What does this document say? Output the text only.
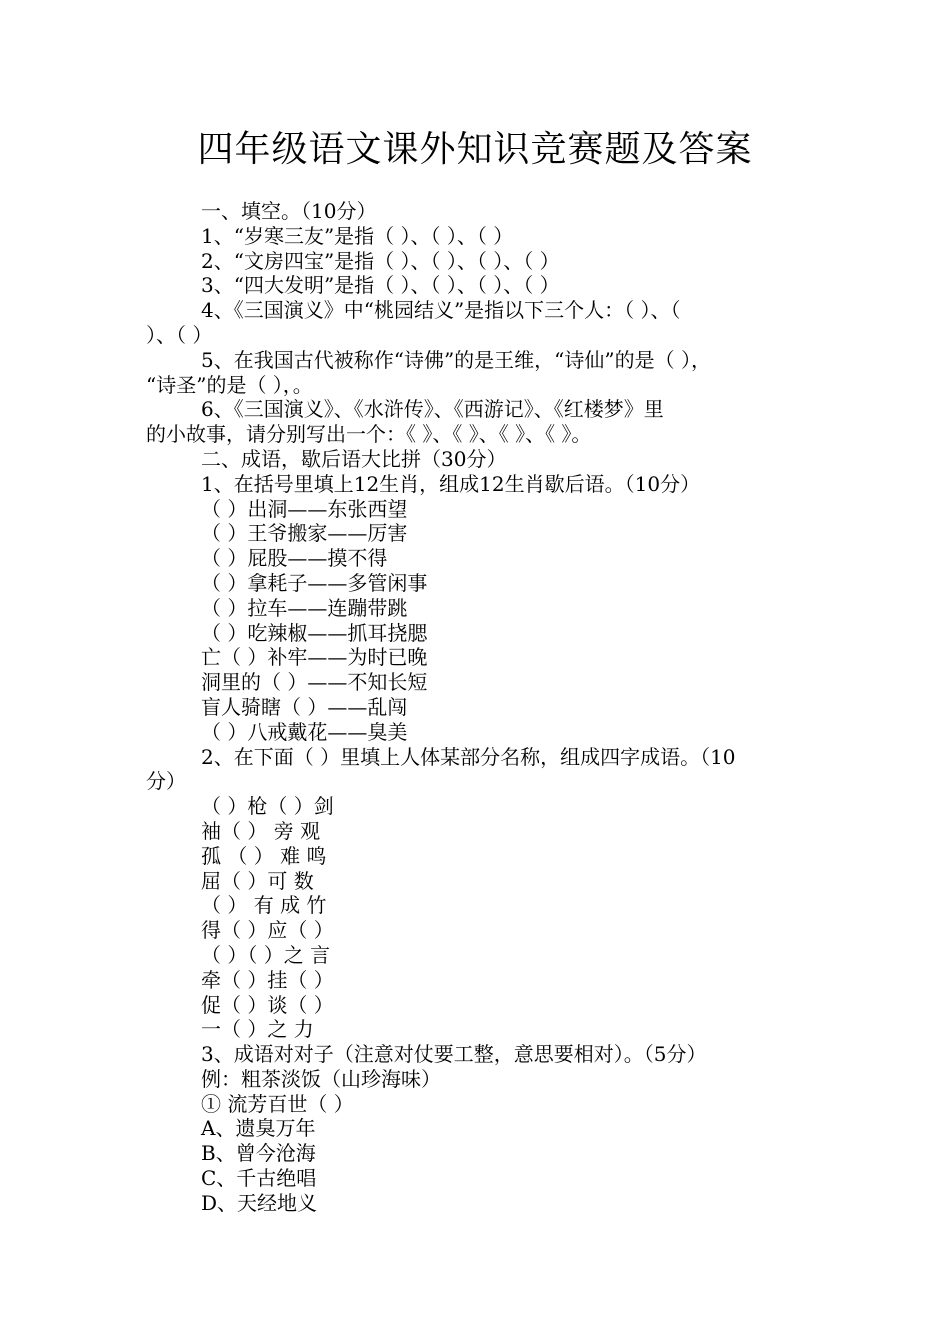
四年级语文课外知识竞赛题及答案
一、填空。（10分）
1、“岁寒三友”是指（ ）、（ ）、（ ）
2、“文房四宝”是指（ ）、（ ）、（ ）、（ ）
3、“四大发明”是指（ ）、（ ）、（ ）、（ ）
4、《三国演义》中“桃园结义”是指以下三个人：（ ）、（
）、（ ）
5、在我国古代被称作“诗佛”的是王维，“诗仙”的是（ ），
“诗圣”的是（ ），。
6、《三国演义》、《水浒传》、《西游记》、《红楼梦》里
的小故事，请分别写出一个：《 》、《 》、《 》、《 》。
二、成语，歇后语大比拼（30分）
1、在括号里填上12生肖，组成12生肖歇后语。（10分）
（ ）出洞——东张西望
（ ）王爷搬家——厉害
（ ）屁股——摸不得
（ ）拿耗子——多管闲事
（ ）拉车——连蹦带跳
（ ）吃辣椒——抓耳挠腮
亡（ ）补牢——为时已晚
洞里的（ ）——不知长短
盲人骑瞎（ ）——乱闯
（ ）八戒戴花——臭美
2、在下面（ ）里填上人体某部分名称，组成四字成语。（10
分）
（ ）枪（ ）剑
袖（ ） 旁 观
孤 （ ） 难 鸣
屈（ ）可 数
（ ） 有 成 竹
得（ ）应（ ）
（ ）（ ）之 言
牵（ ）挂（ ）
促（ ）谈（ ）
一（ ）之 力
3、成语对对子（注意对仗要工整，意思要相对）。（5分）
例：粗茶淡饭（山珍海味）
① 流芳百世（ ）
A、遗臭万年
B、曾今沧海
C、千古绝唱
D、天经地义
